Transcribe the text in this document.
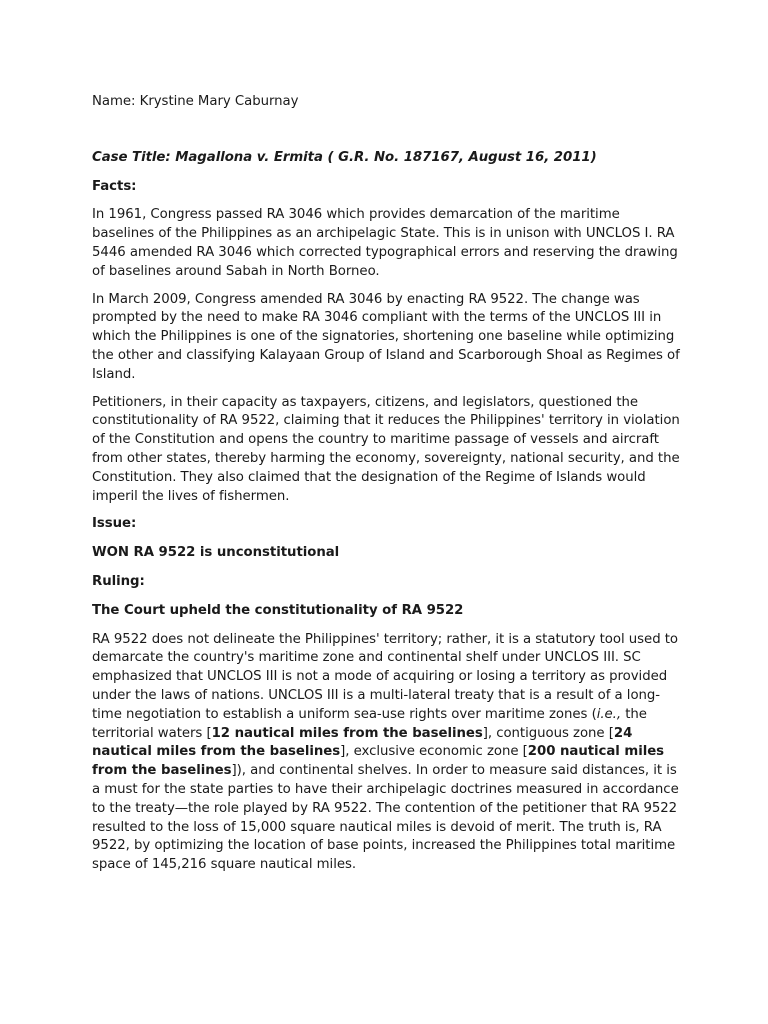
Name: Krystine Mary Caburnay

Case Title: Magallona v. Ermita ( G.R. No. 187167, August 16, 2011)

Facts:

In 1961, Congress passed RA 3046 which provides demarcation of the maritime baselines of the Philippines as an archipelagic State. This is in unison with UNCLOS I. RA 5446 amended RA 3046 which corrected typographical errors and reserving the drawing of baselines around Sabah in North Borneo.

In March 2009, Congress amended RA 3046 by enacting RA 9522. The change was prompted by the need to make RA 3046 compliant with the terms of the UNCLOS III in which the Philippines is one of the signatories, shortening one baseline while optimizing the other and classifying Kalayaan Group of Island and Scarborough Shoal as Regimes of Island.

Petitioners, in their capacity as taxpayers, citizens, and legislators, questioned the constitutionality of RA 9522, claiming that it reduces the Philippines' territory in violation of the Constitution and opens the country to maritime passage of vessels and aircraft from other states, thereby harming the economy, sovereignty, national security, and the Constitution. They also claimed that the designation of the Regime of Islands would imperil the lives of fishermen.

Issue:

WON RA 9522 is unconstitutional

Ruling:

The Court upheld the constitutionality of RA 9522

RA 9522 does not delineate the Philippines' territory; rather, it is a statutory tool used to demarcate the country's maritime zone and continental shelf under UNCLOS III. SC emphasized that UNCLOS III is not a mode of acquiring or losing a territory as provided under the laws of nations. UNCLOS III is a multi-lateral treaty that is a result of a long-time negotiation to establish a uniform sea-use rights over maritime zones (i.e., the territorial waters [12 nautical miles from the baselines], contiguous zone [24 nautical miles from the baselines], exclusive economic zone [200 nautical miles from the baselines]), and continental shelves. In order to measure said distances, it is a must for the state parties to have their archipelagic doctrines measured in accordance to the treaty—the role played by RA 9522. The contention of the petitioner that RA 9522 resulted to the loss of 15,000 square nautical miles is devoid of merit. The truth is, RA 9522, by optimizing the location of base points, increased the Philippines total maritime space of 145,216 square nautical miles.
